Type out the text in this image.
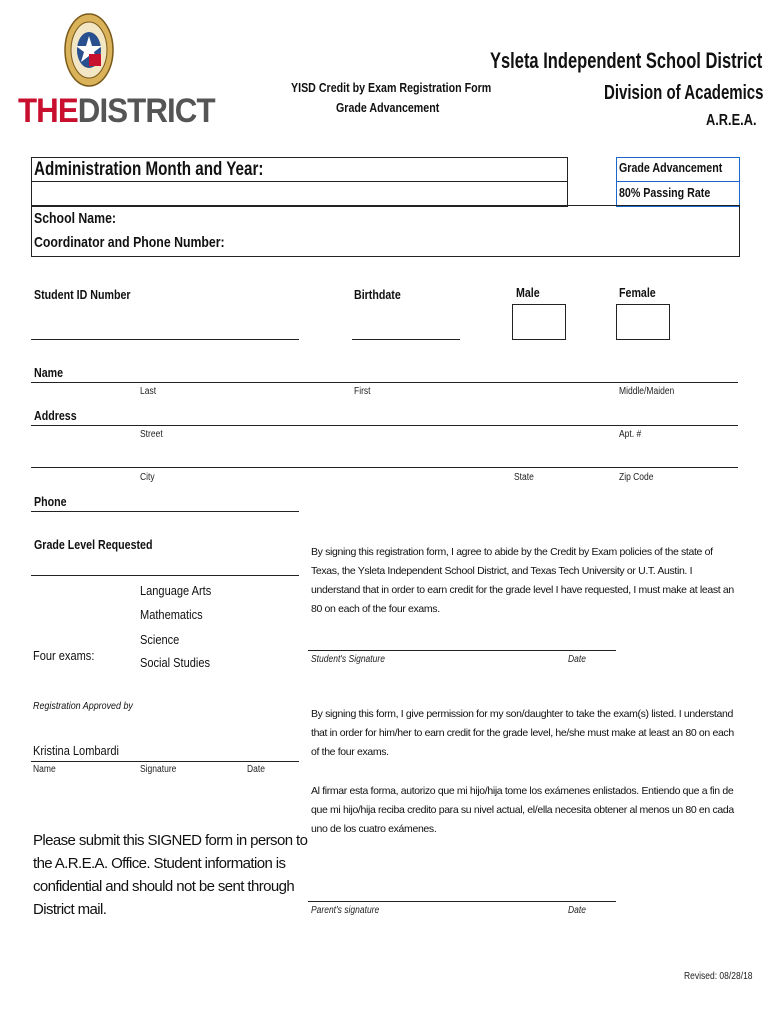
THEDISTRICT
YISD Credit by Exam Registration Form
Grade Advancement
Ysleta Independent School District
Division of Academics
A.R.E.A.
Administration Month and Year:	Grade Advancement
80% Passing Rate
School Name:
Coordinator and Phone Number:
Student ID Number	Birthdate	Male	Female
Name
Last	First	Middle/Maiden
Address
Street	Apt. #
City	State	Zip Code
Phone
Grade Level Requested
Language Arts
Mathematics
Science
Social Studies
Four exams:
Registration Approved by
Kristina Lombardi
Name	Signature	Date
Please submit this SIGNED form in person to the A.R.E.A. Office. Student information is confidential and should not be sent through District mail.
By signing this registration form, I agree to abide by the Credit by Exam policies of the state of Texas, the Ysleta Independent School District, and Texas Tech University or U.T. Austin. I understand that in order to earn credit for the grade level I have requested, I must make at least an 80 on each of the four exams.
Student's Signature	Date
By signing this form, I give permission for my son/daughter to take the exam(s) listed. I understand that in order for him/her to earn credit for the grade level, he/she must make at least an 80 on each of the four exams.
Al firmar esta forma, autorizo que mi hijo/hija tome los exámenes enlistados. Entiendo que a fin de que mi hijo/hija reciba credito para su nivel actual, el/ella necesita obtener al menos un 80 en cada uno de los cuatro exámenes.
Parent's signature	Date
Revised: 08/28/18
